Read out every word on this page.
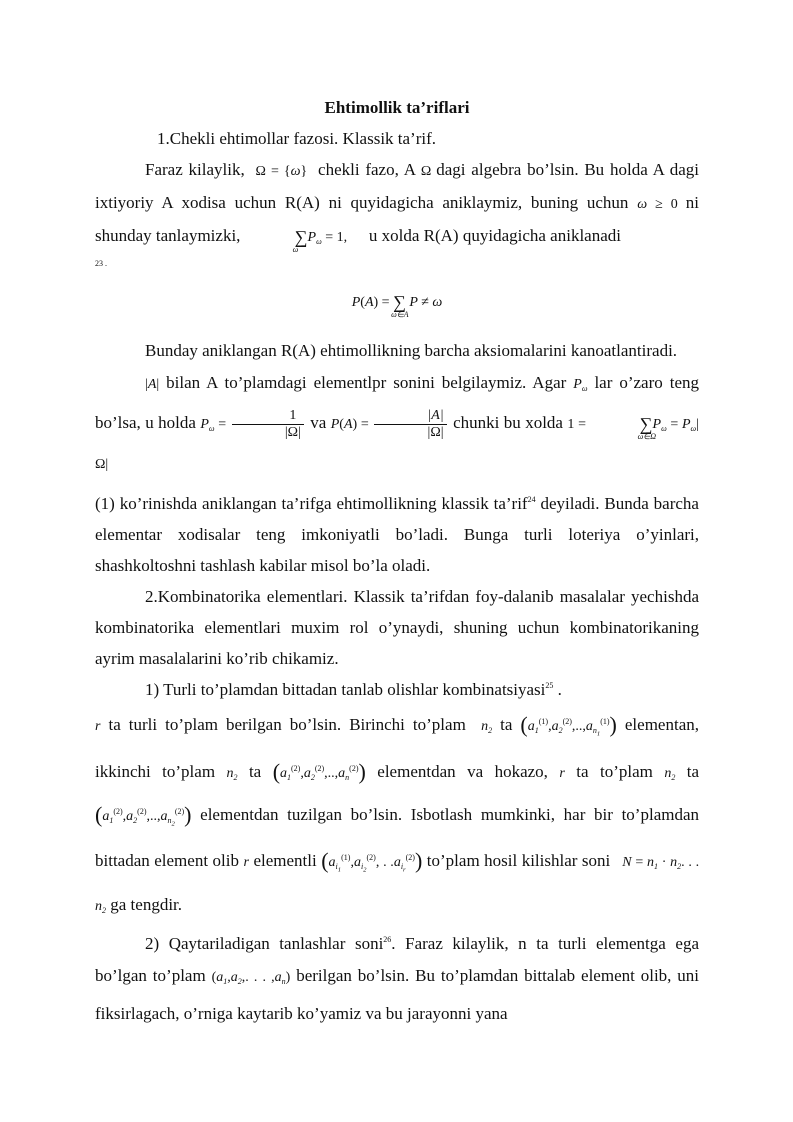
Ehtimollik ta’riflari

1.Chekli ehtimollar fazosi. Klassik ta’rif.

Faraz kilaylik,  Ω = {ω}  chekli fazo, A Ω dagi algebra bo’lsin. Bu holda A dagi ixtiyoriy A xodisa uchun R(A) ni quyidagicha aniklaymiz, buning uchun ω ≥ 0 ni shunday tanlaymizki,	∑
ω
$P_\omega = 1$,      u xolda R(A) quyidagicha aniklanadi

23 .
P(A) = ∑
ω∈A
P ≠ ω

Bunday aniklangan R(A) ehtimollikning barcha aksiomalarini kanoatlantiradi.

|A| bilan A to’plamdagi elementlpr sonini belgilaymiz. Agar $P_\omega$ lar o’zaro teng bo’lsa, u holda $P_\omega = \frac{1}{|\Omega|}$ va $P(A) = \frac{|A|}{|\Omega|}$ chunki bu xolda 1 =	∑
ω∈Ω
$P_\omega = P_\omega|\Omega|$

(1) ko’rinishda aniklangan ta’rifga ehtimollikning klassik ta’rif$^{24}$ deyiladi. Bunda barcha elementar xodisalar teng imkoniyatli bo’ladi. Bunga turli loteriya o’yinlari, shashkoltoshni tashlash kabilar misol bo’la oladi.

2.Kombinatorika elementlari. Klassik ta’rifdan foy-dalanib masalalar yechishda kombinatorika elementlari muxim rol o’ynaydi, shuning uchun kombinatorikaning ayrim masalalarini ko’rib chikamiz.

1) Turli to’plamdan bittadan tanlab olishlar kombinatsiyasi$^{25}$ .

r ta turli to’plam berilgan bo’lsin. Birinchi to’plam  $n_2$ ta $(a_1^{(1)},a_2^{(2)},..,a_{n_1}^{(1)})$ elementan, ikkinchi to’plam $n_2$ ta $(a_1^{(2)},a_2^{(2)},..,a_n^{(2)})$ elementdan va hokazo, r ta to’plam $n_2$ ta $(a_1^{(2)},a_2^{(2)},..,a_{n_2}^{(2)})$ elementdan tuzilgan bo’lsin. Isbotlash mumkinki, har bir to’plamdan bittadan element olib r elementli ($a_{i_1}^{(1)},a_{i_2}^{(2)}$, . $.a_{i_r}^{(2)}$) to’plam hosil kilishlar soni   $N = n_1 \cdot n_2$. . . $n_2$ ga tengdir.

2) Qaytariladigan tanlashlar soni$^{26}$. Faraz kilaylik, n ta turli elementga ega bo’lgan to’plam ($a_1,a_2$,. . . $,a_n$) berilgan bo’lsin. Bu to’plamdan bittalab element olib, uni fiksirlagach, o’rniga kaytarib ko’yamiz va bu jarayonni yana
